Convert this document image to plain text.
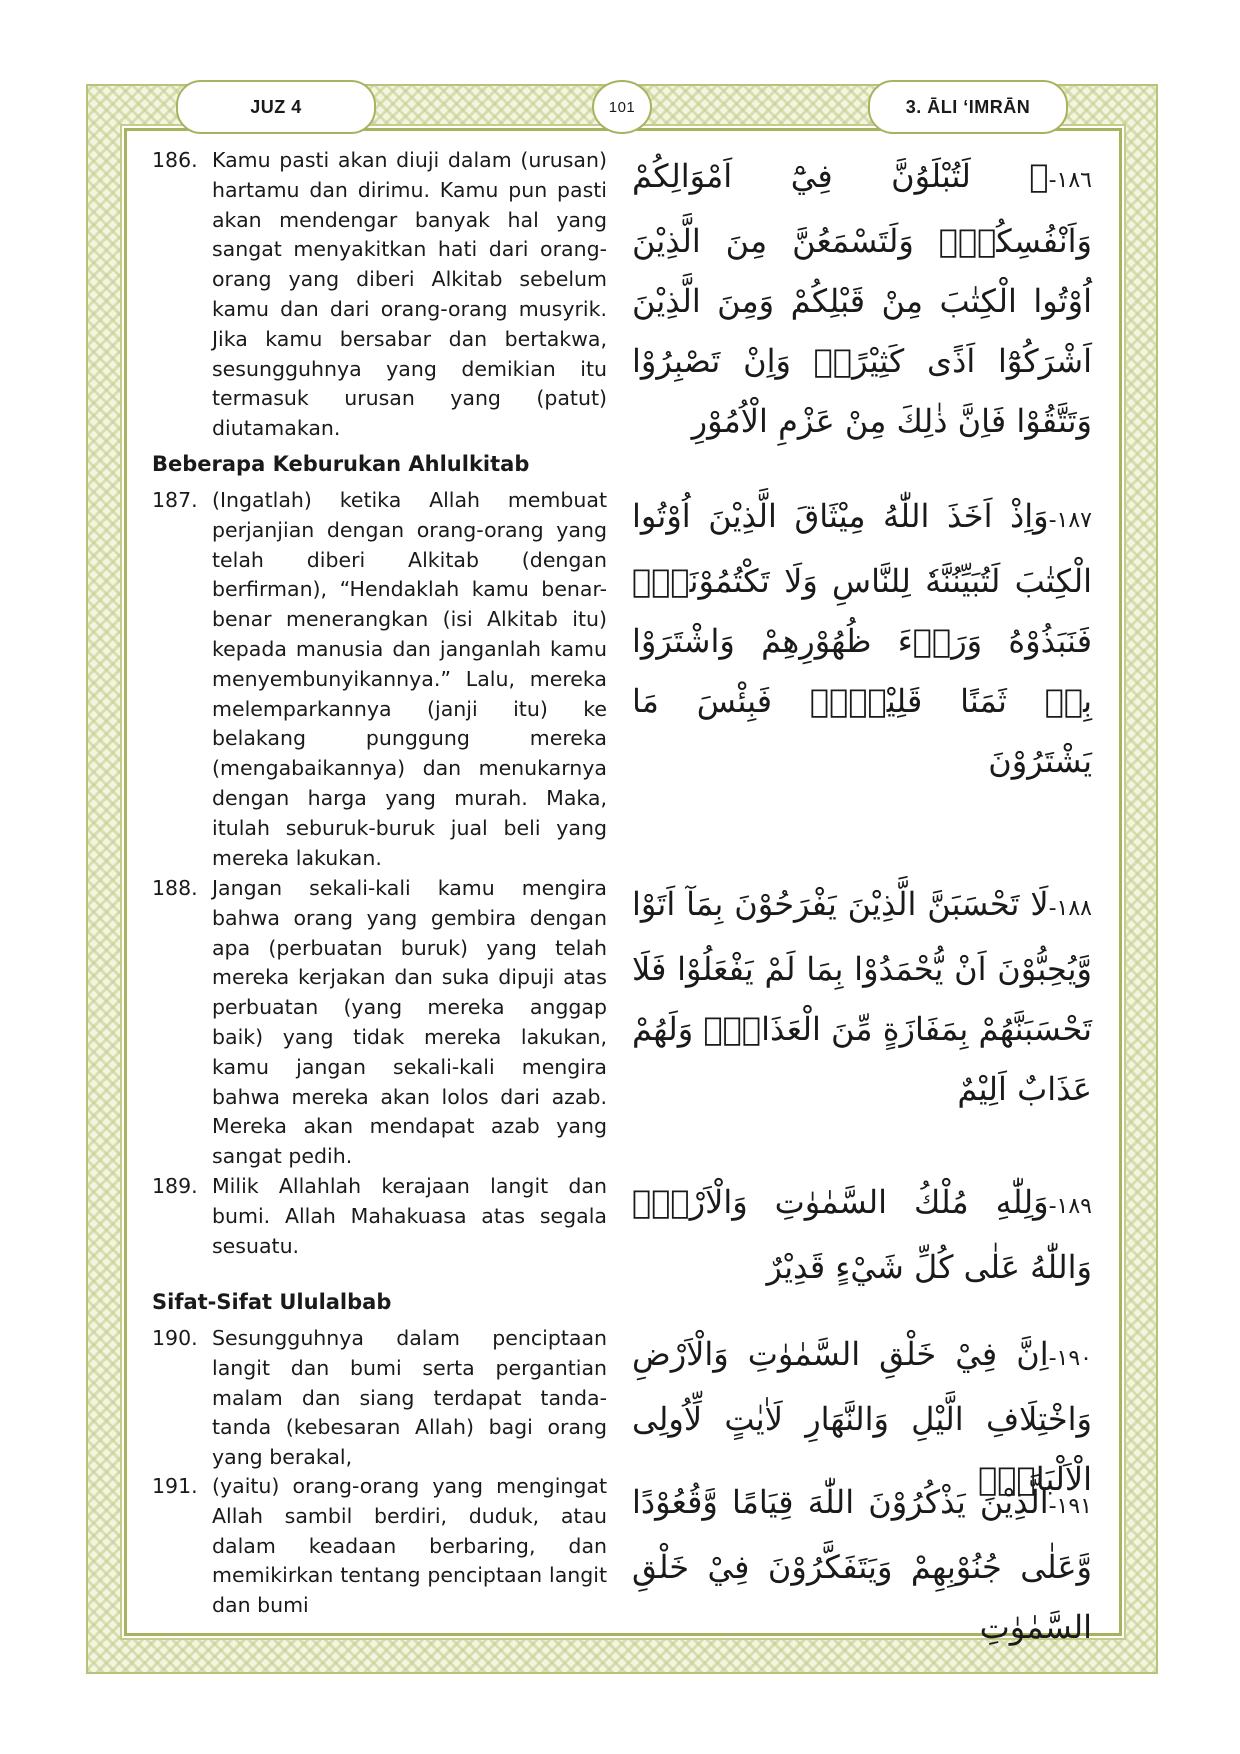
JUZ 4	101	3. ĀLI ‘IMRĀN
186. Kamu pasti akan diuji dalam (urusan) hartamu dan dirimu. Kamu pun pasti akan mendengar banyak hal yang sangat menyakitkan hati dari orang-orang yang diberi Alkitab sebelum kamu dan dari orang-orang musyrik. Jika kamu bersabar dan bertakwa, sesungguhnya yang demikian itu termasuk urusan yang (patut) diutamakan.
١٨٦-۞ لَتُبْلَوُنَّ فِيْٓ اَمْوَالِكُمْ وَاَنْفُسِكُمْۗ وَلَتَسْمَعُنَّ مِنَ الَّذِيْنَ اُوْتُوا الْكِتٰبَ مِنْ قَبْلِكُمْ وَمِنَ الَّذِيْنَ اَشْرَكُوْٓا اَذًى كَثِيْرًاۗ وَاِنْ تَصْبِرُوْا وَتَتَّقُوْا فَاِنَّ ذٰلِكَ مِنْ عَزْمِ الْاُمُوْرِ
Beberapa Keburukan Ahlulkitab
187. (Ingatlah) ketika Allah membuat perjanjian dengan orang-orang yang telah diberi Alkitab (dengan berfirman), “Hendaklah kamu benar-benar menerangkan (isi Alkitab itu) kepada manusia dan janganlah kamu menyembunyikannya.” Lalu, mereka melemparkannya (janji itu) ke belakang punggung mereka (mengabaikannya) dan menukarnya dengan harga yang murah. Maka, itulah seburuk-buruk jual beli yang mereka lakukan.
١٨٧-وَاِذْ اَخَذَ اللّٰهُ مِيْثَاقَ الَّذِيْنَ اُوْتُوا الْكِتٰبَ لَتُبَيِّنُنَّهٗ لِلنَّاسِ وَلَا تَكْتُمُوْنَهٗۖ فَنَبَذُوْهُ وَرَاۤءَ ظُهُوْرِهِمْ وَاشْتَرَوْا بِهٖ ثَمَنًا قَلِيْلًاۗ فَبِئْسَ مَا يَشْتَرُوْنَ
188. Jangan sekali-kali kamu mengira bahwa orang yang gembira dengan apa (perbuatan buruk) yang telah mereka kerjakan dan suka dipuji atas perbuatan (yang mereka anggap baik) yang tidak mereka lakukan, kamu jangan sekali-kali mengira bahwa mereka akan lolos dari azab. Mereka akan mendapat azab yang sangat pedih.
١٨٨-لَا تَحْسَبَنَّ الَّذِيْنَ يَفْرَحُوْنَ بِمَآ اَتَوْا وَّيُحِبُّوْنَ اَنْ يُّحْمَدُوْا بِمَا لَمْ يَفْعَلُوْا فَلَا تَحْسَبَنَّهُمْ بِمَفَازَةٍ مِّنَ الْعَذَابِۚ وَلَهُمْ عَذَابٌ اَلِيْمٌ
189. Milik Allahlah kerajaan langit dan bumi. Allah Mahakuasa atas segala sesuatu.
١٨٩-وَلِلّٰهِ مُلْكُ السَّمٰوٰتِ وَالْاَرْضِۗ وَاللّٰهُ عَلٰى كُلِّ شَيْءٍ قَدِيْرٌ
Sifat-Sifat Ululalbab
190. Sesungguhnya dalam penciptaan langit dan bumi serta pergantian malam dan siang terdapat tanda-tanda (kebesaran Allah) bagi orang yang berakal,
١٩٠-اِنَّ فِيْ خَلْقِ السَّمٰوٰتِ وَالْاَرْضِ وَاخْتِلَافِ الَّيْلِ وَالنَّهَارِ لَاٰيٰتٍ لِّاُولِى الْاَلْبَابِۙ
191. (yaitu) orang-orang yang mengingat Allah sambil berdiri, duduk, atau dalam keadaan berbaring, dan memikirkan tentang penciptaan langit dan bumi
١٩١-الَّذِيْنَ يَذْكُرُوْنَ اللّٰهَ قِيَامًا وَّقُعُوْدًا وَّعَلٰى جُنُوْبِهِمْ وَيَتَفَكَّرُوْنَ فِيْ خَلْقِ السَّمٰوٰتِ
